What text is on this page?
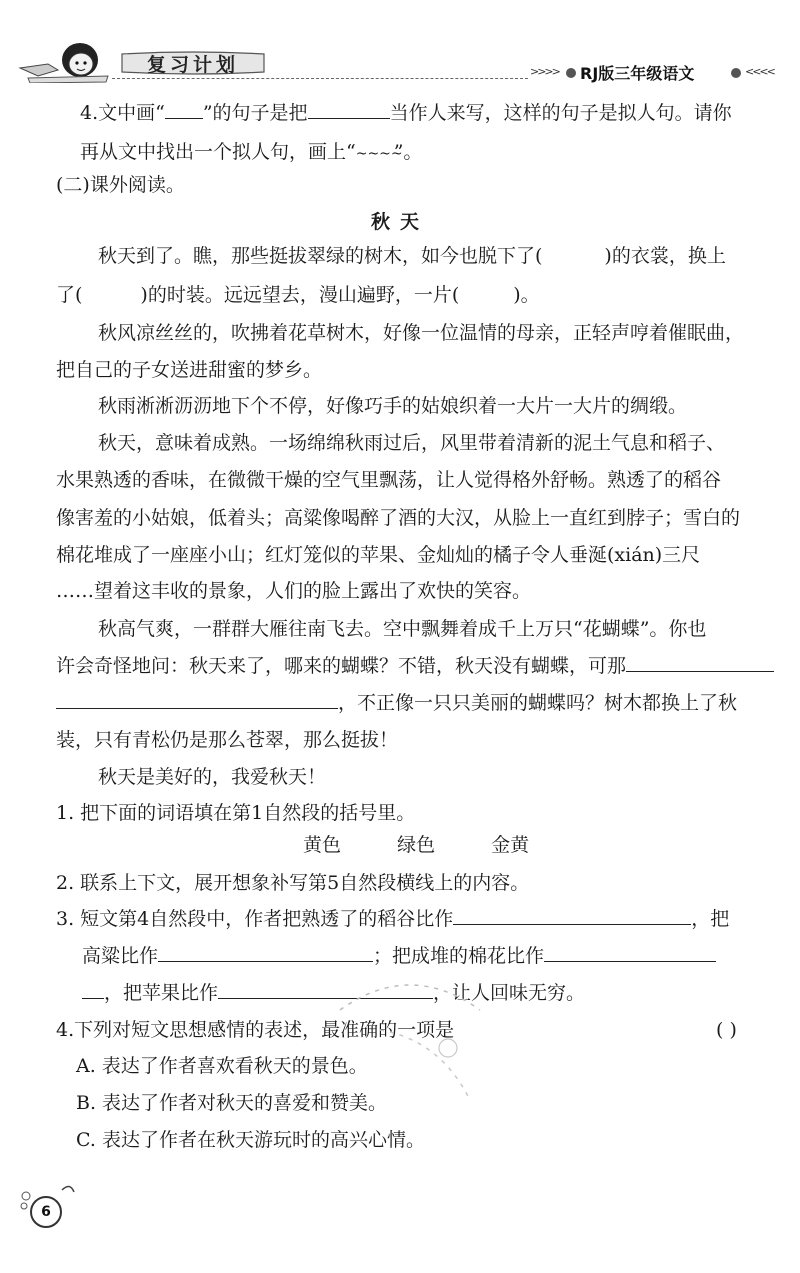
复习计划	>>>> RJ版三年级语文	<<<<
4.文中画“ ”的句子是把	当作人来写，这样的句子是拟人句。请你
再从文中找出一个拟人句，画上“~~~~”。
(二)课外阅读。
秋天
秋天到了。瞧，那些挺拔翠绿的树木，如今也脱下了(	)的衣裳，换上
了(	)的时装。远远望去，漫山遍野，一片(	)。
秋风凉丝丝的，吹拂着花草树木，好像一位温情的母亲，正轻声哼着催眠曲，
把自己的子女送进甜蜜的梦乡。
秋雨淅淅沥沥地下个不停，好像巧手的姑娘织着一大片一大片的绸缎。
秋天，意味着成熟。一场绵绵秋雨过后，风里带着清新的泥土气息和稻子、
水果熟透的香味，在微微干燥的空气里飘荡，让人觉得格外舒畅。熟透了的稻谷
像害羞的小姑娘，低着头；高粱像喝醉了酒的大汉，从脸上一直红到脖子；雪白的
棉花堆成了一座座小山；红灯笼似的苹果、金灿灿的橘子令人垂涎(xián)三尺
……望着这丰收的景象，人们的脸上露出了欢快的笑容。
秋高气爽，一群群大雁往南飞去。空中飘舞着成千上万只“花蝴蝶”。你也
许会奇怪地问：秋天来了，哪来的蝴蝶？不错，秋天没有蝴蝶，可那
，不正像一只只美丽的蝴蝶吗？树木都换上了秋
装，只有青松仍是那么苍翠，那么挺拔！
秋天是美好的，我爱秋天！
1. 把下面的词语填在第1自然段的括号里。
黄色	绿色	金黄
2. 联系上下文，展开想象补写第5自然段横线上的内容。
3. 短文第4自然段中，作者把熟透了的稻谷比作	，把
高粱比作	；把成堆的棉花比作
，把苹果比作	，让人回味无穷。
4.下列对短文思想感情的表述，最准确的一项是	( )
A. 表达了作者喜欢看秋天的景色。
B. 表达了作者对秋天的喜爱和赞美。
C. 表达了作者在秋天游玩时的高兴心情。
6
